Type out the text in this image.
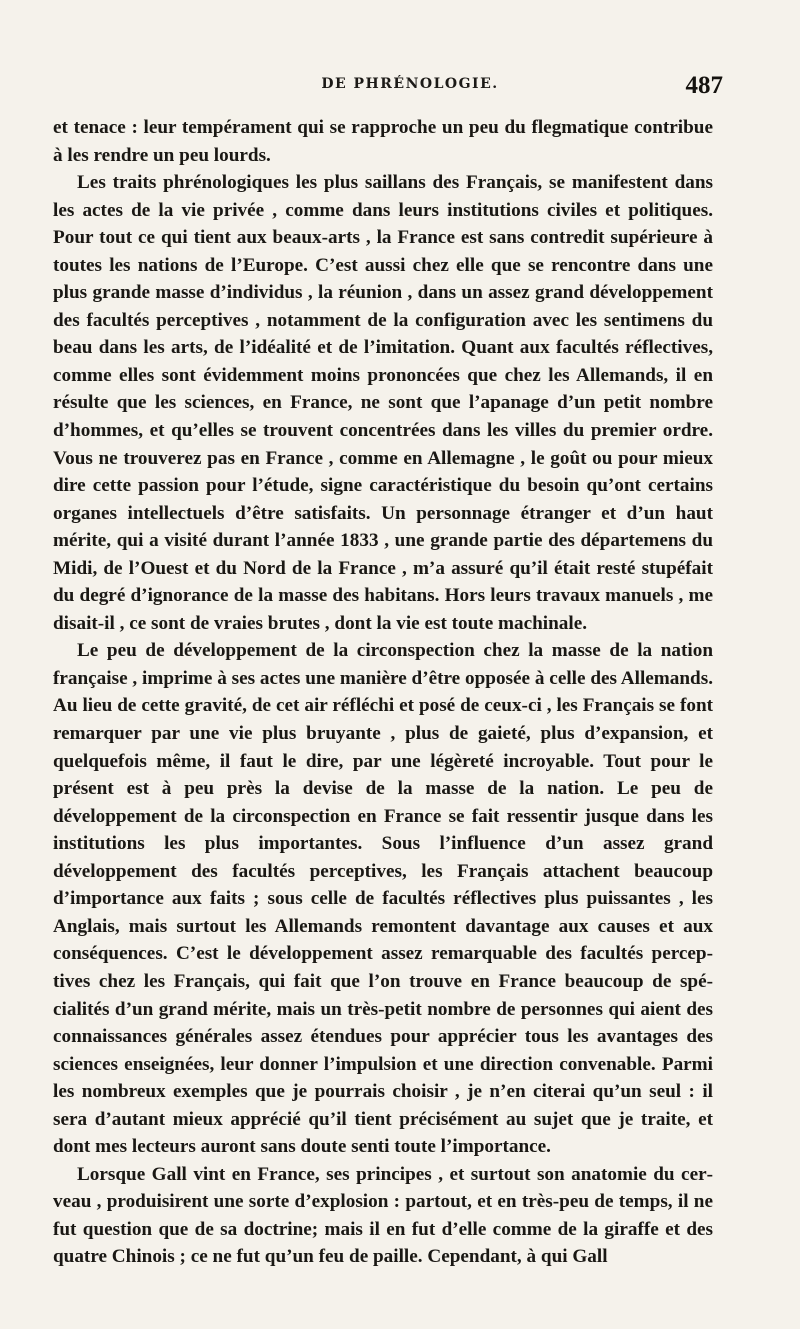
DE PHRÉNOLOGIE.	487

et tenace : leur tempérament qui se rapproche un peu du flegmatique contribue à les rendre un peu lourds.

Les traits phrénologiques les plus saillans des Français, se manifestent dans les actes de la vie privée , comme dans leurs institutions civiles et politiques. Pour tout ce qui tient aux beaux-arts , la France est sans contredit supérieure à toutes les nations de l’Europe. C’est aussi chez elle que se rencontre dans une plus grande masse d’individus , la réunion , dans un assez grand développement des facultés perceptives , notamment de la configuration avec les sentimens du beau dans les arts, de l’idéalité et de l’imitation. Quant aux facultés réflectives, comme elles sont évidemment moins prononcées que chez les Allemands, il en résulte que les sciences, en France, ne sont que l’apanage d’un petit nombre d’hommes, et qu’elles se trouvent concentrées dans les villes du premier ordre. Vous ne trouverez pas en France , comme en Allemagne , le goût ou pour mieux dire cette passion pour l’étude, signe caractéristique du besoin qu’ont certains organes intellectuels d’être satisfaits. Un personnage étranger et d’un haut mérite, qui a visité durant l’année 1833 , une grande partie des départemens du Midi, de l’Ouest et du Nord de la France , m’a assuré qu’il était resté stupéfait du degré d’ignorance de la masse des habitans. Hors leurs travaux manuels , me disait-il , ce sont de vraies brutes , dont la vie est toute machinale.

Le peu de développement de la circonspection chez la masse de la nation française , imprime à ses actes une manière d’être opposée à celle des Allemands. Au lieu de cette gravité, de cet air réfléchi et posé de ceux-ci , les Français se font remarquer par une vie plus bruyante , plus de gaieté, plus d’expansion, et quelquefois même, il faut le dire, par une légèreté incroyable. Tout pour le présent est à peu près la devise de la masse de la nation. Le peu de développement de la circonspection en France se fait ressentir jusque dans les institutions les plus importantes. Sous l’influence d’un assez grand développement des facultés perceptives, les Français attachent beaucoup d’importance aux faits ; sous celle de facultés réflectives plus puissantes , les Anglais, mais surtout les Allemands remontent davantage aux causes et aux conséquences. C’est le développement assez remarquable des facultés perceptives chez les Français, qui fait que l’on trouve en France beaucoup de spécialités d’un grand mérite, mais un très-petit nombre de personnes qui aient des connaissances générales assez étendues pour apprécier tous les avantages des sciences enseignées, leur donner l’impulsion et une direction convenable. Parmi les nombreux exemples que je pourrais choisir , je n’en citerai qu’un seul : il sera d’autant mieux apprécié qu’il tient précisément au sujet que je traite, et dont mes lecteurs auront sans doute senti toute l’importance.

Lorsque Gall vint en France, ses principes , et surtout son anatomie du cerveau , produisirent une sorte d’explosion : partout, et en très-peu de temps, il ne fut question que de sa doctrine; mais il en fut d’elle comme de la giraffe et des quatre Chinois ; ce ne fut qu’un feu de paille. Cependant, à qui Gall
